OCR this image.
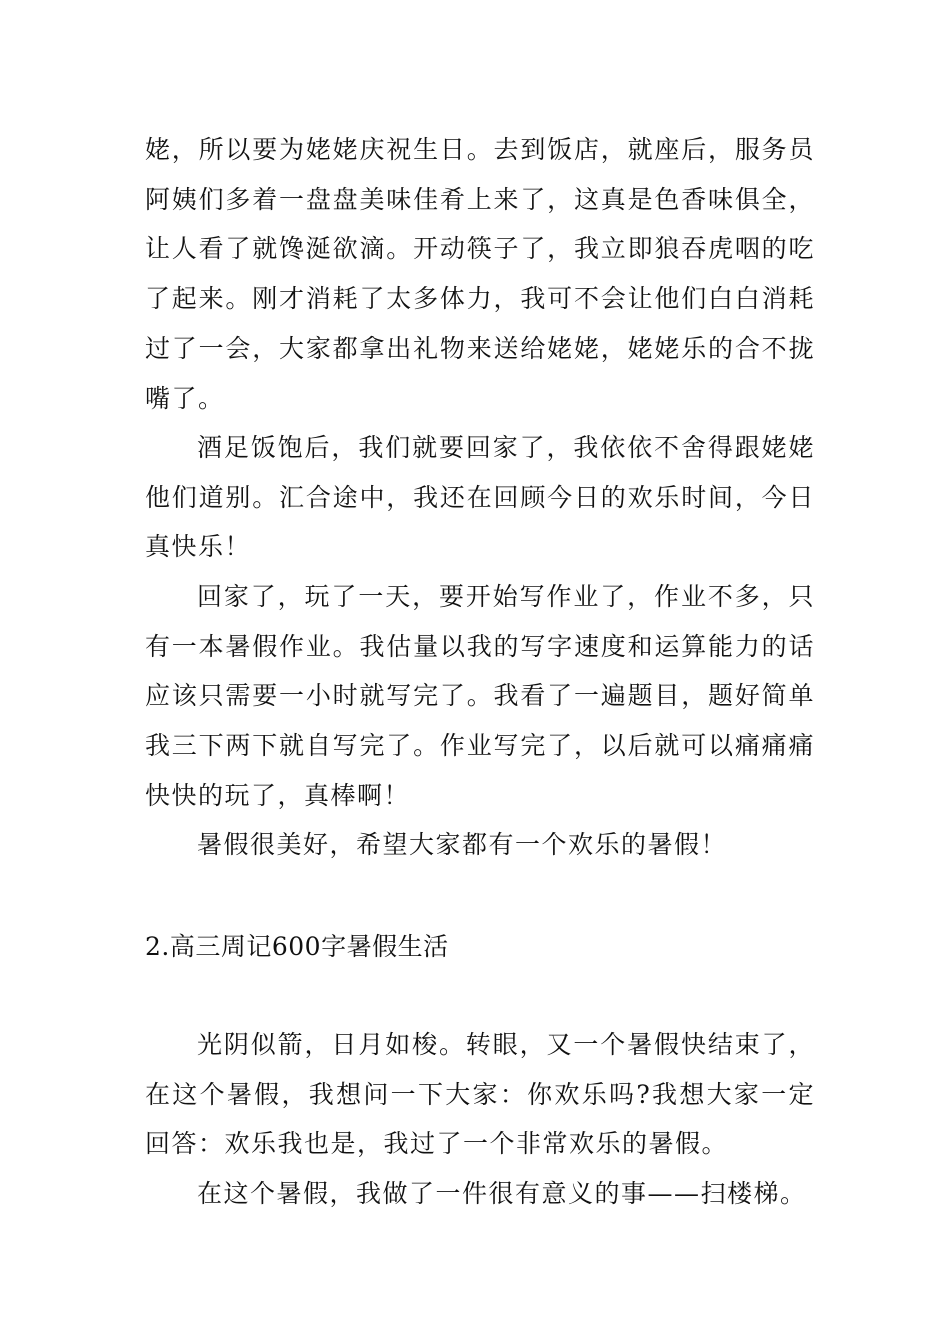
姥，所以要为姥姥庆祝生日。去到饭店，就座后，服务员阿姨们多着一盘盘美味佳肴上来了，这真是色香味俱全，让人看了就馋涎欲滴。开动筷子了，我立即狼吞虎咽的吃了起来。刚才消耗了太多体力，我可不会让他们白白消耗过了一会，大家都拿出礼物来送给姥姥，姥姥乐的合不拢嘴了。

酒足饭饱后，我们就要回家了，我依依不舍得跟姥姥他们道别。汇合途中，我还在回顾今日的欢乐时间，今日真快乐！

回家了，玩了一天，要开始写作业了，作业不多，只有一本暑假作业。我估量以我的写字速度和运算能力的话应该只需要一小时就写完了。我看了一遍题目，题好简单我三下两下就自写完了。作业写完了，以后就可以痛痛痛快快的玩了，真棒啊！

暑假很美好，希望大家都有一个欢乐的暑假！

2.高三周记600字暑假生活

光阴似箭，日月如梭。转眼，又一个暑假快结束了，在这个暑假，我想问一下大家：你欢乐吗?我想大家一定回答：欢乐我也是，我过了一个非常欢乐的暑假。

在这个暑假，我做了一件很有意义的事——扫楼梯。
